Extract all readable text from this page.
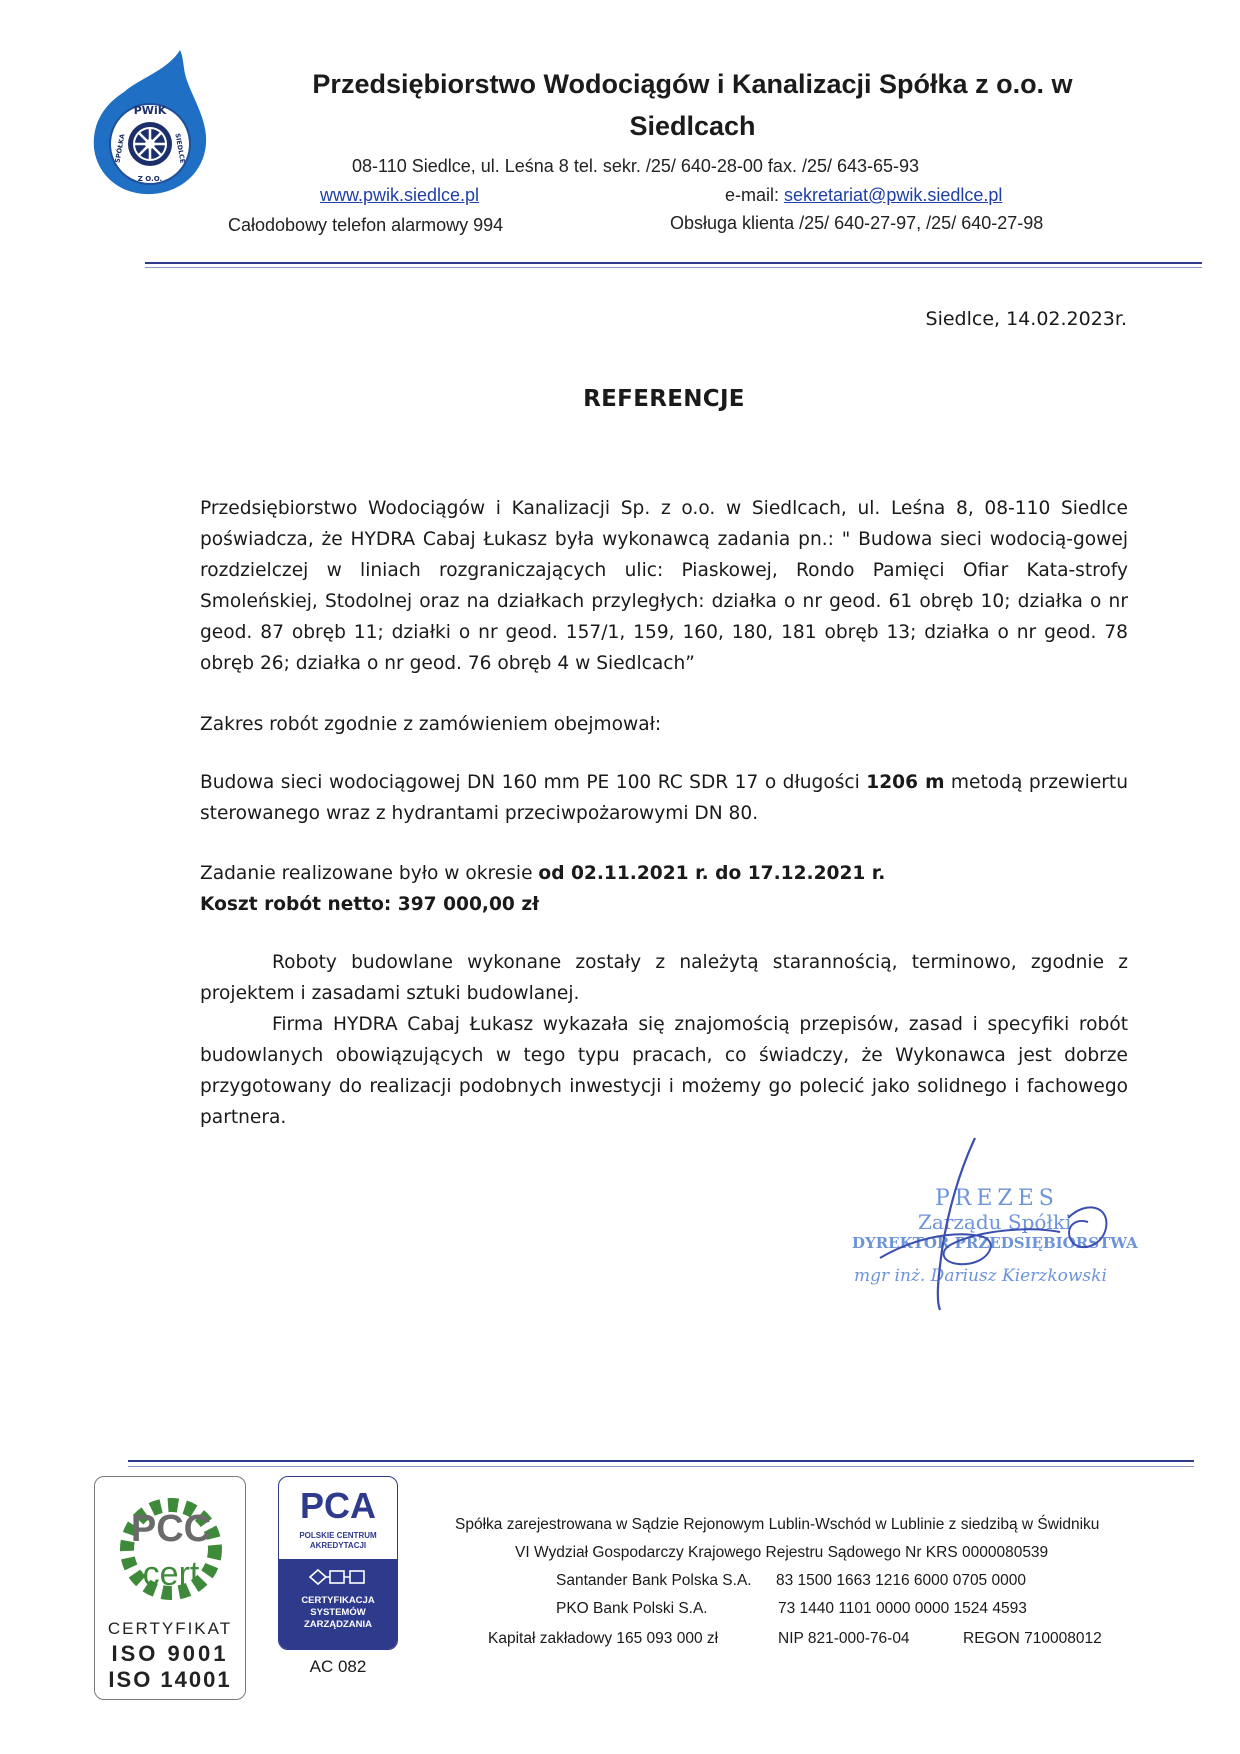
PWiK
SPÓŁKA
Z O.O.
SIEDLCE
Przedsiębiorstwo Wodociągów i Kanalizacji Spółka z o.o. w
Siedlcach
08-110 Siedlce, ul. Leśna 8 tel. sekr. /25/ 640-28-00 fax. /25/ 643-65-93
www.pwik.siedlce.pl	e-mail: sekretariat@pwik.siedlce.pl
Całodobowy telefon alarmowy 994	Obsługa klienta /25/ 640-27-97, /25/ 640-27-98
Siedlce, 14.02.2023r.
REFERENCJE
Przedsiębiorstwo Wodociągów i Kanalizacji Sp. z o.o. w Siedlcach, ul. Leśna 8, 08-110 Siedlce poświadcza, że HYDRA Cabaj Łukasz była wykonawcą zadania pn.: " Budowa sieci wodocią-gowej rozdzielczej w liniach rozgraniczających ulic: Piaskowej, Rondo Pamięci Ofiar Kata-strofy Smoleńskiej, Stodolnej oraz na działkach przyległych: działka o nr geod. 61 obręb 10; działka o nr geod. 87 obręb 11; działki o nr geod. 157/1, 159, 160, 180, 181 obręb 13; działka o nr geod. 78 obręb 26; działka o nr geod. 76 obręb 4 w Siedlcach”
Zakres robót zgodnie z zamówieniem obejmował:
Budowa sieci wodociągowej DN 160 mm PE 100 RC SDR 17 o długości 1206 m metodą przewiertu sterowanego wraz z hydrantami przeciwpożarowymi DN 80.
Zadanie realizowane było w okresie od 02.11.2021 r. do 17.12.2021 r.
Koszt robót netto: 397 000,00 zł
Roboty budowlane wykonane zostały z należytą starannością, terminowo, zgodnie z projektem i zasadami sztuki budowlanej.
Firma HYDRA Cabaj Łukasz wykazała się znajomością przepisów, zasad i specyfiki robót budowlanych obowiązujących w tego typu pracach, co świadczy, że Wykonawca jest dobrze przygotowany do realizacji podobnych inwestycji i możemy go polecić jako solidnego i fachowego partnera.
PREZES
Zarządu Spółki
DYREKTOR PRZEDSIĘBIORSTWA
mgr inż. Dariusz Kierzkowski
PCC
cert
CERTYFIKAT
ISO 9001
ISO 14001
PCA
POLSKIE CENTRUM
AKREDYTACJI
CERTYFIKACJA
SYSTEMÓW
ZARZĄDZANIA
AC 082
Spółka zarejestrowana w Sądzie Rejonowym Lublin-Wschód w Lublinie z siedzibą w Świdniku
VI Wydział Gospodarczy Krajowego Rejestru Sądowego Nr KRS 0000080539
Santander Bank Polska S.A. 83 1500 1663 1216 6000 0705 0000
PKO Bank Polski S.A.	73 1440 1101 0000 0000 1524 4593
Kapitał zakładowy 165 093 000 zł	NIP 821-000-76-04	REGON 710008012
